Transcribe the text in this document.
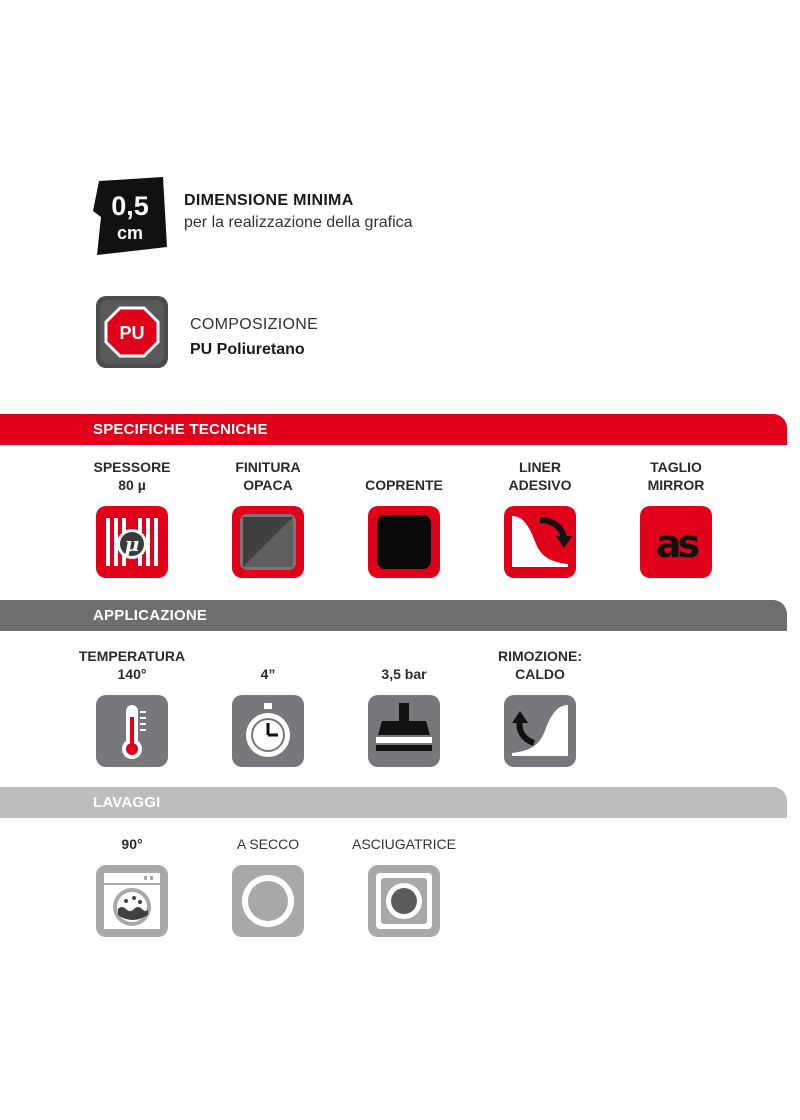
0,5
cm
DIMENSIONE MINIMA
per la realizzazione della grafica
PU	COMPOSIZIONE
PU Poliuretano
SPECIFICHE TECNICHE
SPESSORE
80 µ
μ
FINITURA
OPACA	COPRENTE
LINER
ADESIVO
TAGLIO
MIRROR
as
APPLICAZIONE
TEMPERATURA
140°	4”	3,5 bar
RIMOZIONE:
CALDO
LAVAGGI
90°	A SECCO	ASCIUGATRICE
